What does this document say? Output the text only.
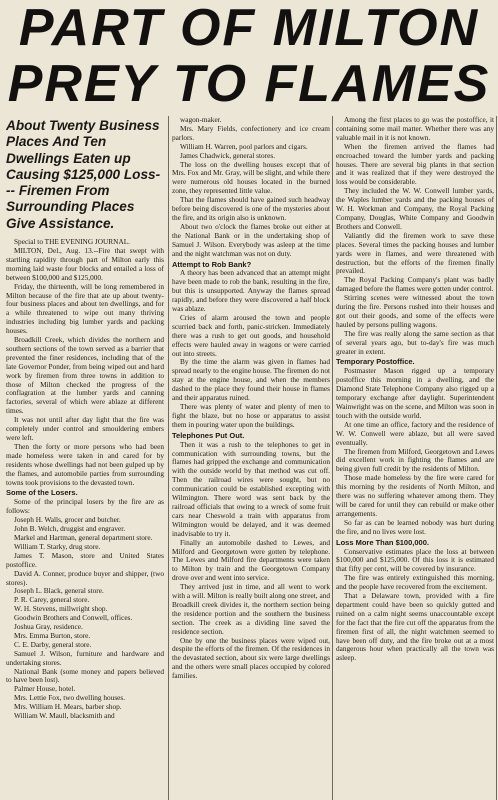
PART OF MILTON
PREY TO FLAMES
About Twenty Business Places And Ten Dwellings Eaten up Causing $125,000 Loss--- Firemen From Surrounding Places Give Assistance.

Special to THE EVENING JOURNAL.

MILTON, Del., Aug. 13.--Fire that swept with startling rapidity through part of Milton early this morning laid waste four blocks and entailed a loss of between $100,000 and $125,000.

Friday, the thirteenth, will be long remembered in Milton because of the fire that ate up about twenty-four business places and about ten dwellings, and for a while threatened to wipe out many thriving industries including big lumber yards and packing houses.

Broadkill Creek, which divides the northern and southern sections of the town served as a barrier that prevented the finer residences, including that of the late Governor Ponder, from being wiped out and hard work by firemen from three towns in addition to those of Milton checked the progress of the conflagration at the lumber yards and canning factories, several of which were ablaze at different times.

It was not until after day light that the fire was completely under control and smouldering embers were left.

Then the forty or more persons who had been made homeless were taken in and cared for by residents whose dwellings had not been gulped up by the flames, and automobile parties from surrounding towns took provisions to the devasted town.

Some of the Losers.

Some of the principal losers by the fire are as follows:

Joseph H. Walls, grocer and butcher.

John B. Welch, druggist and engraver.

Markel and Hartman, general department store.

William T. Starky, drug store.

James T. Mason, store and United States postoffice.

David A. Conner, produce buyer and shipper, (two stores).

Joseph L. Black, general store.

P. R. Carey, general store.

W. H. Stevens, millwright shop.

Goodwin Brothers and Conwell, offices.

Joshua Gray, residence.

Mrs. Emma Burton, store.

C. E. Darby, general store.

Samuel J. Wilson, furniture and hardware and undertaking stores.

National Bank (some money and papers believed to have been lost).

Palmer House, hotel.

Mrs. Lettie Fox, two dwelling houses.

Mrs. William H. Mears, barber shop.

William W. Maull, blacksmith and

wagon-maker.

Mrs. Mary Fields, confectionery and ice cream parlors.

William H. Warren, pool parlors and cigars.

James Chadwick, general stores.

The loss on the dwelling houses except that of Mrs. Fox and Mr. Gray, will be slight, and while there were numerous old houses located in the burned zone, they represented little value.

That the flames should have gained such headway before being discovered is one of the mysteries about the fire, and its origin also is unknown.

About two o'clock the flames broke out either at the National Bank or in the undertaking shop of Samuel J. Wilson. Everybody was asleep at the time and the night watchman was not on duty.

Attempt to Rob Bank?

A theory has been advanced that an attempt might have been made to rob the bank, resulting in the fire, but this is unsupported. Anyway the flames spread rapidly, and before they were discovered a half block was ablaze.

Cries of alarm aroused the town and people scurried back and forth, panic-stricken. Immediately there was a rush to get out goods, and household effects were hauled away in wagons or were carried out into streets.

By the time the alarm was given in flames had spread nearly to the engine house. The firemen do not stay at the engine house, and when the members dashed to the place they found their house in flames and their apparatus ruined.

There was plenty of water and plenty of men to fight the blaze, but no hose or apparatus to assist them in pouring water upon the buildings.

Telephones Put Out.

Then it was a rush to the telephones to get in communication with surrounding towns, but the flames had gripped the exchange and communication with the outside world by that method was cut off. Then the railroad wires were sought, but no communication could be established excepting with Wilmington. There word was sent back by the railroad officials that owing to a wreck of some fruit cars near Cheswold a train with apparatus from Wilmington would be delayed, and it was deemed inadvisable to try it.

Finally an automobile dashed to Lewes, and Milford and Georgetown were gotten by telephone. The Lewes and Milford fire departments were taken to Milton by train and the Georgetown Company drove over and went into service.

They arrived just in time, and all went to work with a will. Milton is really built along one street, and Broadkill creek divides it, the northern section being the residence portion and the southern the business section. The creek as a dividing line saved the residence section.

One by one the business places were wiped out, despite the efforts of the firemen. Of the residences in the devastated section, about six were large dwellings and the others were small places occupied by colored families.

Among the first places to go was the postoffice, it containing some mail matter. Whether there was any valuable mail in it is not known.

When the firemen arrived the flames had encroached toward the lumber yards and packing houses. There are several big plants in that section and it was realized that if they were destroyed the loss would be considerable.

They included the W. W. Conwell lumber yards, the Waples lumber yards and the packing houses of W. H. Workman and Company, the Royal Packing Company, Douglas, White Company and Goodwin Brothers and Conwell.

Valiantly did the firemen work to save these places. Several times the packing houses and lumber yards were in flames, and were threatened with destruction, but the efforts of the firemen finally prevailed.

The Royal Packing Company's plant was badly damaged before the flames were gotten under control.

Stirring scenes were witnessed about the town during the fire. Persons rushed into their houses and got out their goods, and some of the effects were hauled by persons pulling wagons.

The fire was really along the same section as that of several years ago, but to-day's fire was much greater in extent.

Temporary Postoffice.

Postmaster Mason rigged up a temporary postoffice this morning in a dwelling, and the Diamond State Telephone Company also rigged up a temporary exchange after daylight. Superintendent Wainwright was on the scene, and Milton was soon in touch with the outside world.

At one time an office, factory and the residence of W. W. Conwell were ablaze, but all were saved eventually.

The firemen from Milford, Georgetown and Lewes did excellent work in fighting the flames and are being given full credit by the residents of Milton.

Those made homeless by the fire were cared for this morning by the residents of North Milton, and there was no suffering whatever among them. They will be cared for until they can rebuild or make other arrangements.

So far as can be learned nobody was hurt during the fire, and no lives were lost.

Loss More Than $100,000.

Conservative estimates place the loss at between $100,000 and $125,000. Of this loss it is estimated that fifty per cent, will be covered by insurance.

The fire was entirely extinguished this morning, and the people have recovered from the excitement.

That a Delaware town, provided with a fire department could have been so quickly gutted and ruined on a calm night seems unaccountable except for the fact that the fire cut off the apparatus from the firemen first of all, the night watchmen seemed to have been off duty, and the fire broke out at a most dangerous hour when practically all the town was asleep.
